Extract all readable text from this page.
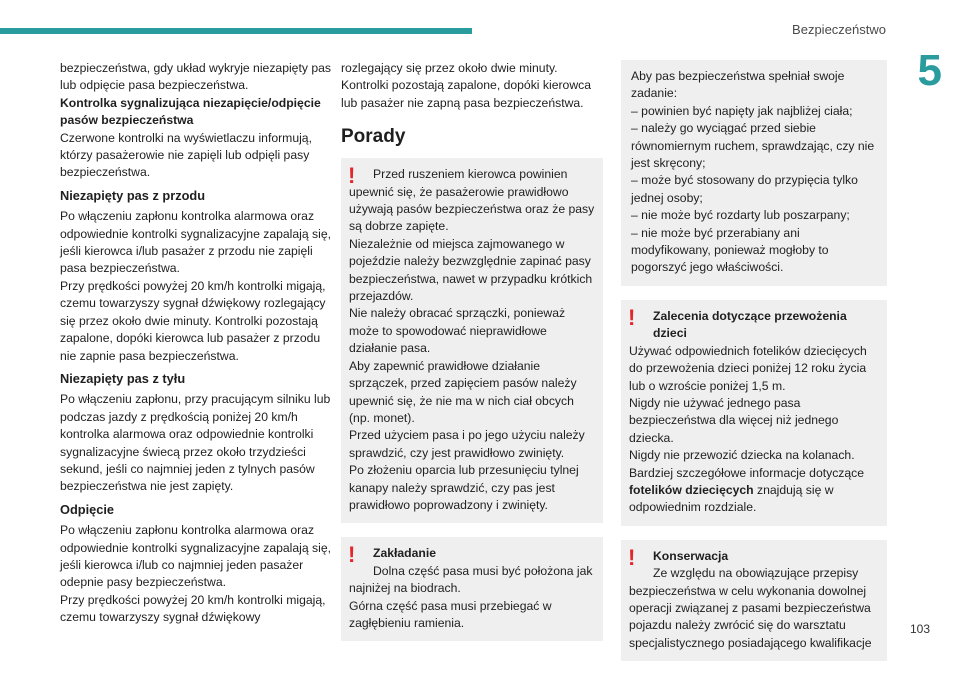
Bezpieczeństwo
5
103

bezpieczeństwa, gdy układ wykryje niezapięty pas lub odpięcie pasa bezpieczeństwa.

Kontrolka sygnalizująca niezapięcie/odpięcie pasów bezpieczeństwa

Czerwone kontrolki na wyświetlaczu informują, którzy pasażerowie nie zapięli lub odpięli pasy bezpieczeństwa.

Niezapięty pas z przodu

Po włączeniu zapłonu kontrolka alarmowa oraz odpowiednie kontrolki sygnalizacyjne zapalają się, jeśli kierowca i/lub pasażer z przodu nie zapięli pasa bezpieczeństwa.

Przy prędkości powyżej 20 km/h kontrolki migają, czemu towarzyszy sygnał dźwiękowy rozlegający się przez około dwie minuty. Kontrolki pozostają zapalone, dopóki kierowca lub pasażer z przodu nie zapnie pasa bezpieczeństwa.

Niezapięty pas z tyłu

Po włączeniu zapłonu, przy pracującym silniku lub podczas jazdy z prędkością poniżej 20 km/h kontrolka alarmowa oraz odpowiednie kontrolki sygnalizacyjne świecą przez około trzydzieści sekund, jeśli co najmniej jeden z tylnych pasów bezpieczeństwa nie jest zapięty.

Odpięcie

Po włączeniu zapłonu kontrolka alarmowa oraz odpowiednie kontrolki sygnalizacyjne zapalają się, jeśli kierowca i/lub co najmniej jeden pasażer odepnie pasy bezpieczeństwa.

Przy prędkości powyżej 20 km/h kontrolki migają, czemu towarzyszy sygnał dźwiękowy

rozlegający się przez około dwie minuty. Kontrolki pozostają zapalone, dopóki kierowca lub pasażer nie zapną pasa bezpieczeństwa.

Porady

!	Przed ruszeniem kierowca powinien upewnić się, że pasażerowie prawidłowo używają pasów bezpieczeństwa oraz że pasy są dobrze zapięte.

Niezależnie od miejsca zajmowanego w pojeździe należy bezwzględnie zapinać pasy bezpieczeństwa, nawet w przypadku krótkich przejazdów.

Nie należy obracać sprzączki, ponieważ może to spowodować nieprawidłowe działanie pasa.

Aby zapewnić prawidłowe działanie sprzączek, przed zapięciem pasów należy upewnić się, że nie ma w nich ciał obcych (np. monet).

Przed użyciem pasa i po jego użyciu należy sprawdzić, czy jest prawidłowo zwinięty.

Po złożeniu oparcia lub przesunięciu tylnej kanapy należy sprawdzić, czy pas jest prawidłowo poprowadzony i zwinięty.

!	Zakładanie

Dolna część pasa musi być położona jak najniżej na biodrach.

Górna część pasa musi przebiegać w zagłębieniu ramienia.

Aby pas bezpieczeństwa spełniał swoje zadanie:

– powinien być napięty jak najbliżej ciała;

– należy go wyciągać przed siebie równomiernym ruchem, sprawdzając, czy nie jest skręcony;

– może być stosowany do przypięcia tylko jednej osoby;

– nie może być rozdarty lub poszarpany;

– nie może być przerabiany ani modyfikowany, ponieważ mogłoby to pogorszyć jego właściwości.

!	Zalecenia dotyczące przewożenia dzieci

Używać odpowiednich fotelików dziecięcych do przewożenia dzieci poniżej 12 roku życia lub o wzroście poniżej 1,5 m.

Nigdy nie używać jednego pasa bezpieczeństwa dla więcej niż jednego dziecka.

Nigdy nie przewozić dziecka na kolanach.

Bardziej szczegółowe informacje dotyczące fotelików dziecięcych znajdują się w odpowiednim rozdziale.

!	Konserwacja

Ze względu na obowiązujące przepisy bezpieczeństwa w celu wykonania dowolnej operacji związanej z pasami bezpieczeństwa pojazdu należy zwrócić się do warsztatu specjalistycznego posiadającego kwalifikacje
